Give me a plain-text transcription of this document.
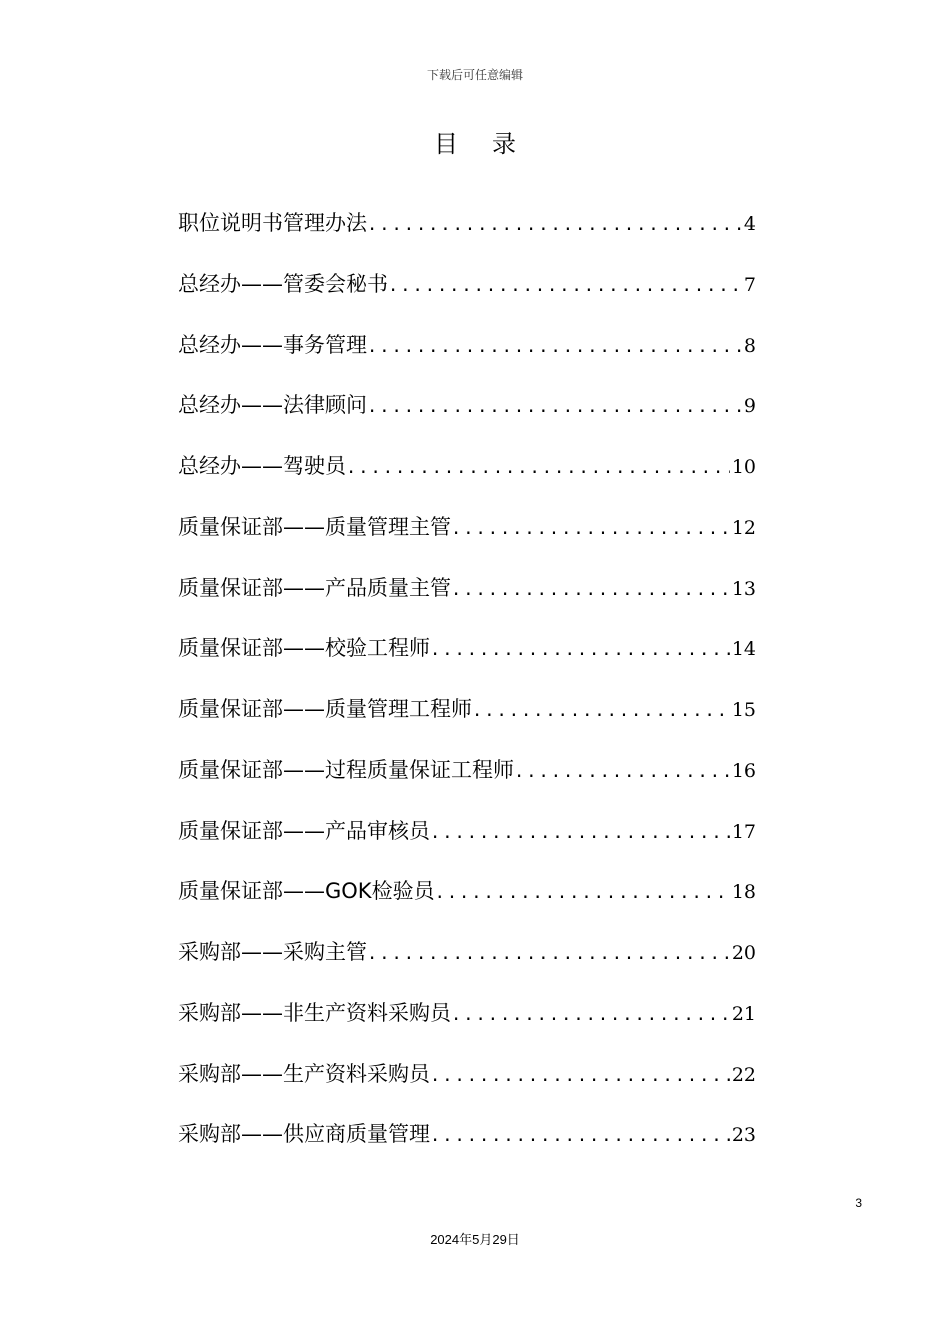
下载后可任意编辑
目录
职位说明书管理办法 .....	4
总经办——管委会秘书 .....	7
总经办——事务管理 .....	8
总经办——法律顾问 .....	9
总经办——驾驶员 .....	10
质量保证部——质量管理主管 .....	12
质量保证部——产品质量主管 .....	13
质量保证部——校验工程师 .....	14
质量保证部——质量管理工程师 .....	15
质量保证部——过程质量保证工程师 .....	16
质量保证部——产品审核员 .....	17
质量保证部——GOK检验员 .....	18
采购部——采购主管 .....	20
采购部——非生产资料采购员 .....	21
采购部——生产资料采购员 .....	22
采购部——供应商质量管理 .....	23
3
2024年5月29日
